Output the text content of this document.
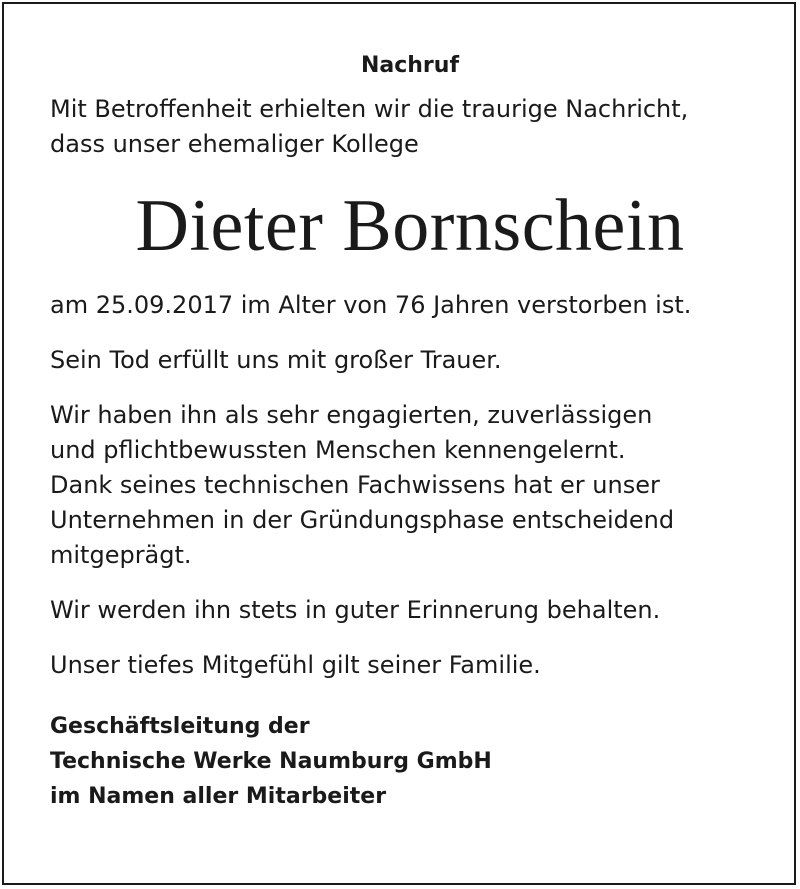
Nachruf

Mit Betroffenheit erhielten wir die traurige Nachricht,
dass unser ehemaliger Kollege

Dieter Bornschein

am 25.09.2017 im Alter von 76 Jahren verstorben ist.

Sein Tod erfüllt uns mit großer Trauer.

Wir haben ihn als sehr engagierten, zuverlässigen
und pflichtbewussten Menschen kennengelernt.
Dank seines technischen Fachwissens hat er unser
Unternehmen in der Gründungsphase entscheidend
mitgeprägt.

Wir werden ihn stets in guter Erinnerung behalten.

Unser tiefes Mitgefühl gilt seiner Familie.

Geschäftsleitung der
Technische Werke Naumburg GmbH
im Namen aller Mitarbeiter
